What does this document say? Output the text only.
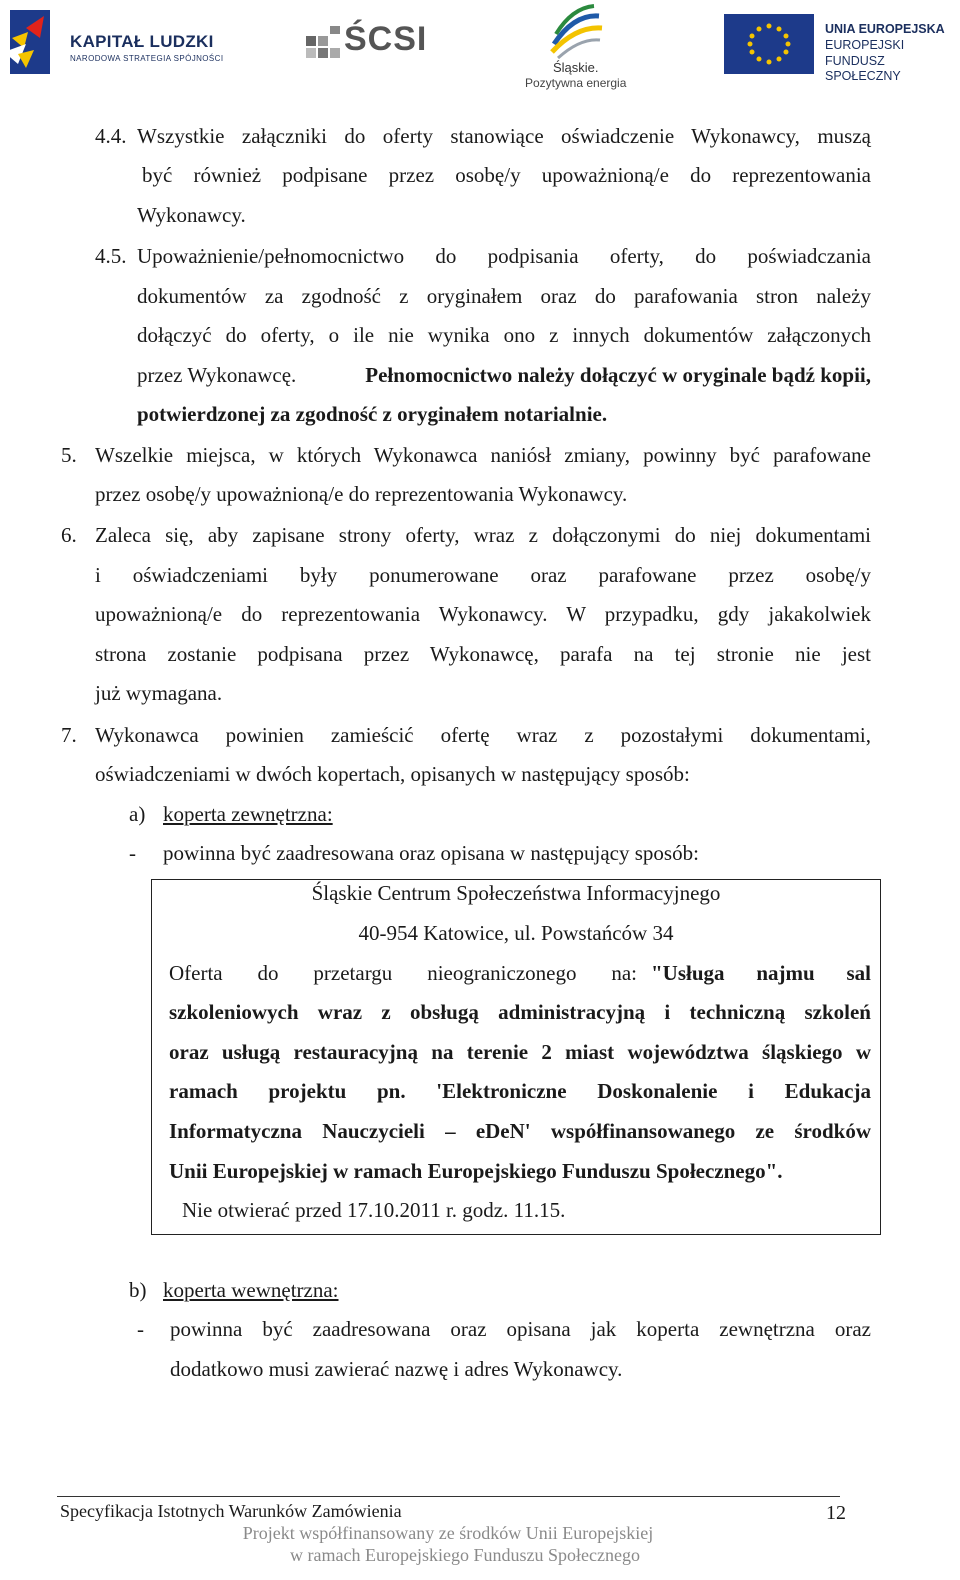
KAPITAŁ LUDZKI
NARODOWA STRATEGIA SPÓJNOŚCI
ŚCSI
Śląskie.
Pozytywna energia
UNIA EUROPEJSKA
EUROPEJSKI
FUNDUSZ SPOŁECZNY
4.4. Wszystkie załączniki do oferty stanowiące oświadczenie Wykonawcy, muszą
być również podpisane przez osobę/y upoważnioną/e do reprezentowania
Wykonawcy.
4.5. Upoważnienie/pełnomocnictwo do podpisania oferty, do poświadczania
dokumentów za zgodność z oryginałem oraz do parafowania stron należy
dołączyć do oferty, o ile nie wynika ono z innych dokumentów załączonych
przez Wykonawcę.	Pełnomocnictwo należy dołączyć w oryginale bądź kopii,
potwierdzonej za zgodność z oryginałem notarialnie.
5. Wszelkie miejsca, w których Wykonawca naniósł zmiany, powinny być parafowane
przez osobę/y upoważnioną/e do reprezentowania Wykonawcy.
6. Zaleca się, aby zapisane strony oferty, wraz z dołączonymi do niej dokumentami
i oświadczeniami były ponumerowane oraz parafowane przez osobę/y
upoważnioną/e do reprezentowania Wykonawcy. W przypadku, gdy jakakolwiek
strona zostanie podpisana przez Wykonawcę, parafa na tej stronie nie jest
już wymagana.
7. Wykonawca powinien zamieścić ofertę wraz z pozostałymi dokumentami,
oświadczeniami w dwóch kopertach, opisanych w następujący sposób:
a) koperta zewnętrzna:
- powinna być zaadresowana oraz opisana w następujący sposób:
Śląskie Centrum Społeczeństwa Informacyjnego
40-954 Katowice, ul. Powstańców 34
Oferta do przetargu nieograniczonego na: "Usługa najmu sal
szkoleniowych wraz z obsługą administracyjną i techniczną szkoleń
oraz usługą restauracyjną na terenie 2 miast województwa śląskiego w
ramach projektu pn. 'Elektroniczne Doskonalenie i Edukacja
Informatyczna Nauczycieli – eDeN' współfinansowanego ze środków
Unii Europejskiej w ramach Europejskiego Funduszu Społecznego".
Nie otwierać przed 17.10.2011 r. godz. 11.15.
b) koperta wewnętrzna:
- powinna być zaadresowana oraz opisana jak koperta zewnętrzna oraz
dodatkowo musi zawierać nazwę i adres Wykonawcy.
Specyfikacja Istotnych Warunków Zamówienia	12
Projekt współfinansowany ze środków Unii Europejskiej
w ramach Europejskiego Funduszu Społecznego
